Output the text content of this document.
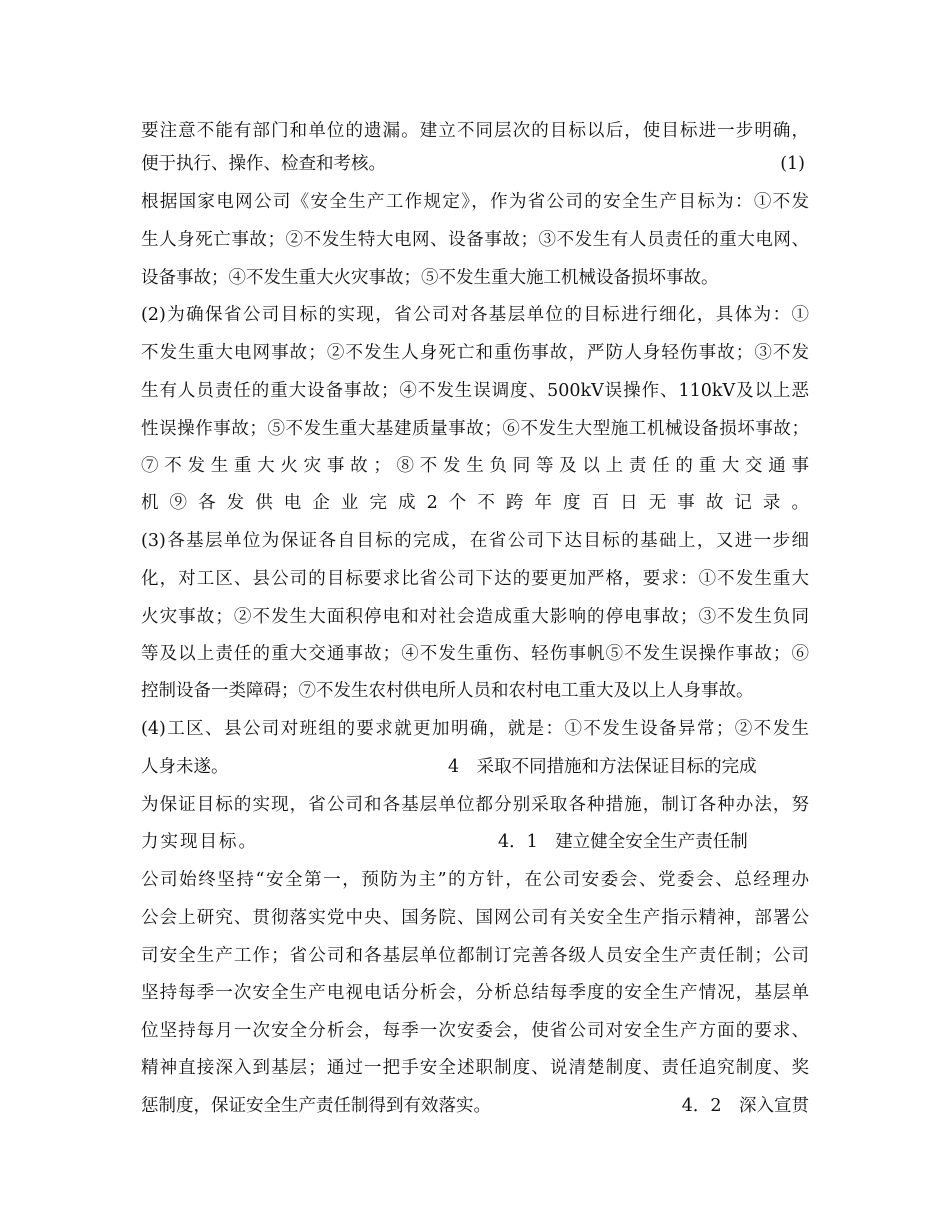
要注意不能有部门和单位的遗漏。建立不同层次的目标以后，使目标进一步明确，
便于执行、操作、检查和考核。	(1)
根据国家电网公司《安全生产工作规定》，作为省公司的安全生产目标为：①不发
生人身死亡事故；②不发生特大电网、设备事故；③不发生有人员责任的重大电网、
设备事故；④不发生重大火灾事故；⑤不发生重大施工机械设备损坏事故。
(2)为确保省公司目标的实现，省公司对各基层单位的目标进行细化，具体为：①
不发生重大电网事故；②不发生人身死亡和重伤事故，严防人身轻伤事故；③不发
生有人员责任的重大设备事故；④不发生误调度、500kV误操作、110kV及以上恶
性误操作事故；⑤不发生重大基建质量事故；⑥不发生大型施工机械设备损坏事故；
⑦不发生重大火灾事故；⑧不发生负同等及以上责任的重大交通事
机⑨各发供电企业完成2个不跨年度百日无事故记录。
(3)各基层单位为保证各自目标的完成，在省公司下达目标的基础上，又进一步细
化，对工区、县公司的目标要求比省公司下达的要更加严格，要求：①不发生重大
火灾事故；②不发生大面积停电和对社会造成重大影响的停电事故；③不发生负同
等及以上责任的重大交通事故；④不发生重伤、轻伤事帆⑤不发生误操作事故；⑥
控制设备一类障碍；⑦不发生农村供电所人员和农村电工重大及以上人身事故。
(4)工区、县公司对班组的要求就更加明确，就是：①不发生设备异常；②不发生
人身未遂。	4　采取不同措施和方法保证目标的完成
为保证目标的实现，省公司和各基层单位都分别采取各种措施，制订各种办法，努
力实现目标。	4．1　建立健全安全生产责任制
公司始终坚持“安全第一，预防为主”的方针，在公司安委会、党委会、总经理办
公会上研究、贯彻落实党中央、国务院、国网公司有关安全生产指示精神，部署公
司安全生产工作；省公司和各基层单位都制订完善各级人员安全生产责任制；公司
坚持每季一次安全生产电视电话分析会，分析总结每季度的安全生产情况，基层单
位坚持每月一次安全分析会，每季一次安委会，使省公司对安全生产方面的要求、
精神直接深入到基层；通过一把手安全述职制度、说清楚制度、责任追究制度、奖
惩制度，保证安全生产责任制得到有效落实。	4．2　深入宣贯
